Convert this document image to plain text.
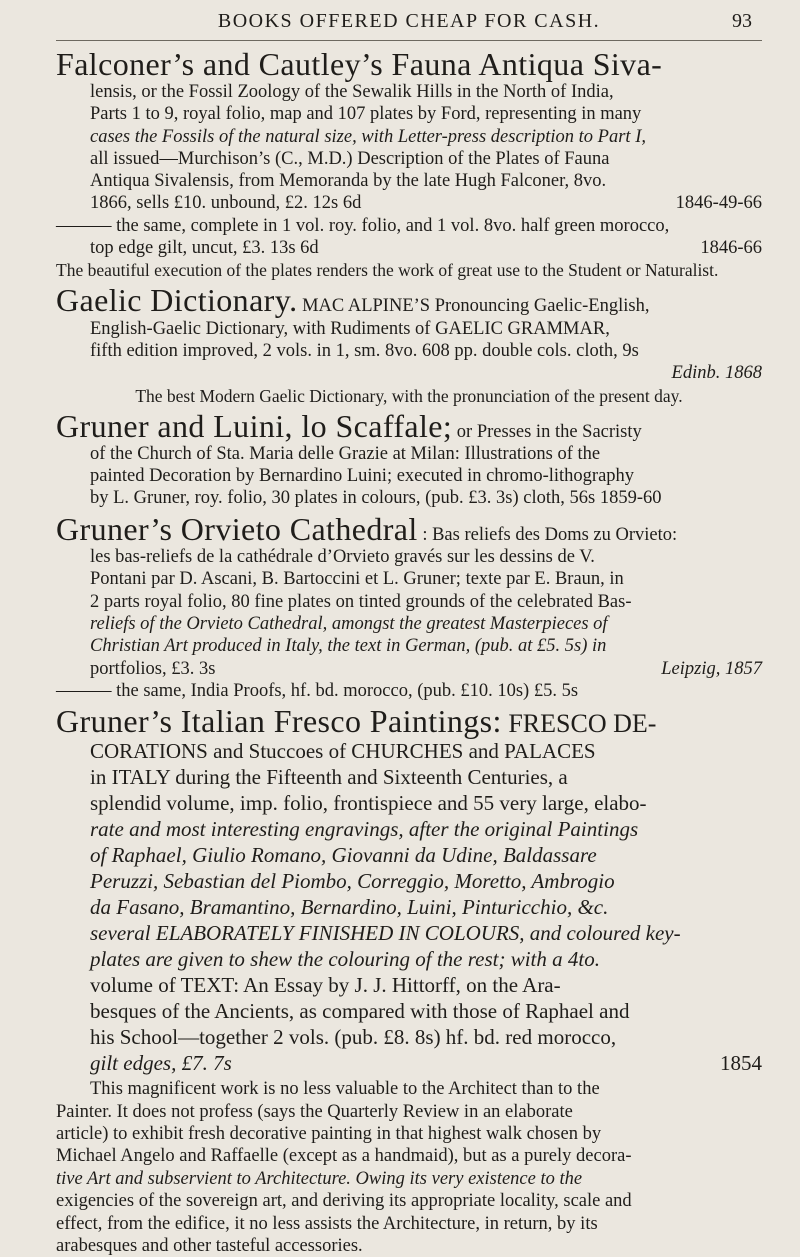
BOOKS OFFERED CHEAP FOR CASH.	93
Falconer’s and Cautley’s Fauna Antiqua Siva-
lensis, or the Fossil Zoology of the Sewalik Hills in the North of India,
Parts 1 to 9, royal folio, map and 107 plates by Ford, representing in many
cases the Fossils of the natural size, with Letter-press description to Part I,
all issued—Murchison’s (C., M.D.) Description of the Plates of Fauna
Antiqua Sivalensis, from Memoranda by the late Hugh Falconer, 8vo.
1866, sells £10. unbound, £2. 12s 6d	1846-49-66
——— the same, complete in 1 vol. roy. folio, and 1 vol. 8vo. half green morocco,
top edge gilt, uncut, £3. 13s 6d	1846-66
The beautiful execution of the plates renders the work of great use to the Student or Naturalist.
Gaelic Dictionary. MAC ALPINE’S Pronouncing Gaelic-English,
English-Gaelic Dictionary, with Rudiments of GAELIC GRAMMAR,
fifth edition improved, 2 vols. in 1, sm. 8vo. 608 pp. double cols. cloth, 9s
Edinb. 1868
The best Modern Gaelic Dictionary, with the pronunciation of the present day.
Gruner and Luini, lo Scaffale; or Presses in the Sacristy
of the Church of Sta. Maria delle Grazie at Milan: Illustrations of the
painted Decoration by Bernardino Luini; executed in chromo-lithography
by L. Gruner, roy. folio, 30 plates in colours, (pub. £3. 3s) cloth, 56s 1859-60
Gruner’s Orvieto Cathedral : Bas reliefs des Doms zu Orvieto:
les bas-reliefs de la cathédrale d’Orvieto gravés sur les dessins de V.
Pontani par D. Ascani, B. Bartoccini et L. Gruner; texte par E. Braun, in
2 parts royal folio, 80 fine plates on tinted grounds of the celebrated Bas-
reliefs of the Orvieto Cathedral, amongst the greatest Masterpieces of
Christian Art produced in Italy, the text in German, (pub. at £5. 5s) in
portfolios, £3. 3s	Leipzig, 1857
——— the same, India Proofs, hf. bd. morocco, (pub. £10. 10s) £5. 5s
Gruner’s Italian Fresco Paintings: FRESCO DE-
CORATIONS and Stuccoes of CHURCHES and PALACES
in ITALY during the Fifteenth and Sixteenth Centuries, a
splendid volume, imp. folio, frontispiece and 55 very large, elabo-
rate and most interesting engravings, after the original Paintings
of Raphael, Giulio Romano, Giovanni da Udine, Baldassare
Peruzzi, Sebastian del Piombo, Correggio, Moretto, Ambrogio
da Fasano, Bramantino, Bernardino, Luini, Pinturicchio, &c.
several ELABORATELY FINISHED IN COLOURS, and coloured key-
plates are given to shew the colouring of the rest; with a 4to.
volume of TEXT: An Essay by J. J. Hittorff, on the Ara-
besques of the Ancients, as compared with those of Raphael and
his School—together 2 vols. (pub. £8. 8s) hf. bd. red morocco,
gilt edges, £7. 7s	1854
This magnificent work is no less valuable to the Architect than to the
Painter. It does not profess (says the Quarterly Review in an elaborate
article) to exhibit fresh decorative painting in that highest walk chosen by
Michael Angelo and Raffaelle (except as a handmaid), but as a purely decora-
tive Art and subservient to Architecture. Owing its very existence to the
exigencies of the sovereign art, and deriving its appropriate locality, scale and
effect, from the edifice, it no less assists the Architecture, in return, by its
arabesques and other tasteful accessories.
